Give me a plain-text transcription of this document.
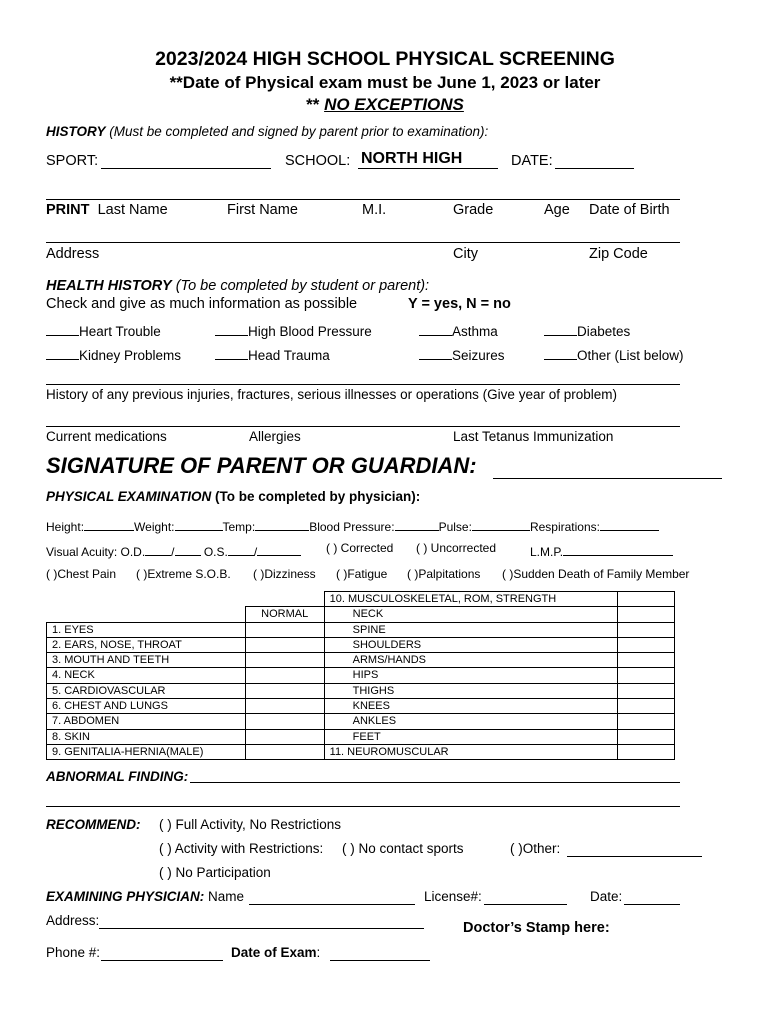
2023/2024 HIGH SCHOOL PHYSICAL SCREENING
**Date of Physical exam must be June 1, 2023 or later
** NO EXCEPTIONS
HISTORY (Must be completed and signed by parent prior to examination):
SPORT:	SCHOOL: NORTH HIGH	DATE:
PRINT Last Name	First Name	M.I.	Grade	Age Date of Birth
Address	City	Zip Code
HEALTH HISTORY (To be completed by student or parent):
Check and give as much information as possible	Y = yes, N = no
Heart Trouble	High Blood Pressure	Asthma	Diabetes
Kidney Problems	Head Trauma	Seizures	Other (List below)
History of any previous injuries, fractures, serious illnesses or operations (Give year of problem)
Current medications	Allergies	Last Tetanus Immunization
SIGNATURE OF PARENT OR GUARDIAN:
PHYSICAL EXAMINATION (To be completed by physician):
Height:	Weight:	Temp:	Blood Pressure:	Pulse:	Respirations:
Visual Acuity: O.D. / O.S. /	( ) Corrected ( ) Uncorrected	L.M.P.
( )Chest Pain ( )Extreme S.O.B. ( )Dizziness ( )Fatigue ( )Palpitations ( )Sudden Death of Family Member
		10. MUSCULOSKELETAL, ROM, STRENGTH	
	NORMAL	NECK	
1. EYES		SPINE	
2. EARS, NOSE, THROAT		SHOULDERS	
3. MOUTH AND TEETH		ARMS/HANDS	
4. NECK		HIPS	
5. CARDIOVASCULAR		THIGHS	
6. CHEST AND LUNGS		KNEES	
7. ABDOMEN		ANKLES	
8. SKIN		FEET	
9. GENITALIA-HERNIA(MALE)		11. NEUROMUSCULAR	
ABNORMAL FINDING:
RECOMMEND: ( ) Full Activity, No Restrictions
( ) Activity with Restrictions: ( ) No contact sports	( )Other:
( ) No Participation
EXAMINING PHYSICIAN: Name	License#:	Date:
Address:	Doctor’s Stamp here:
Phone #:	Date of Exam:
